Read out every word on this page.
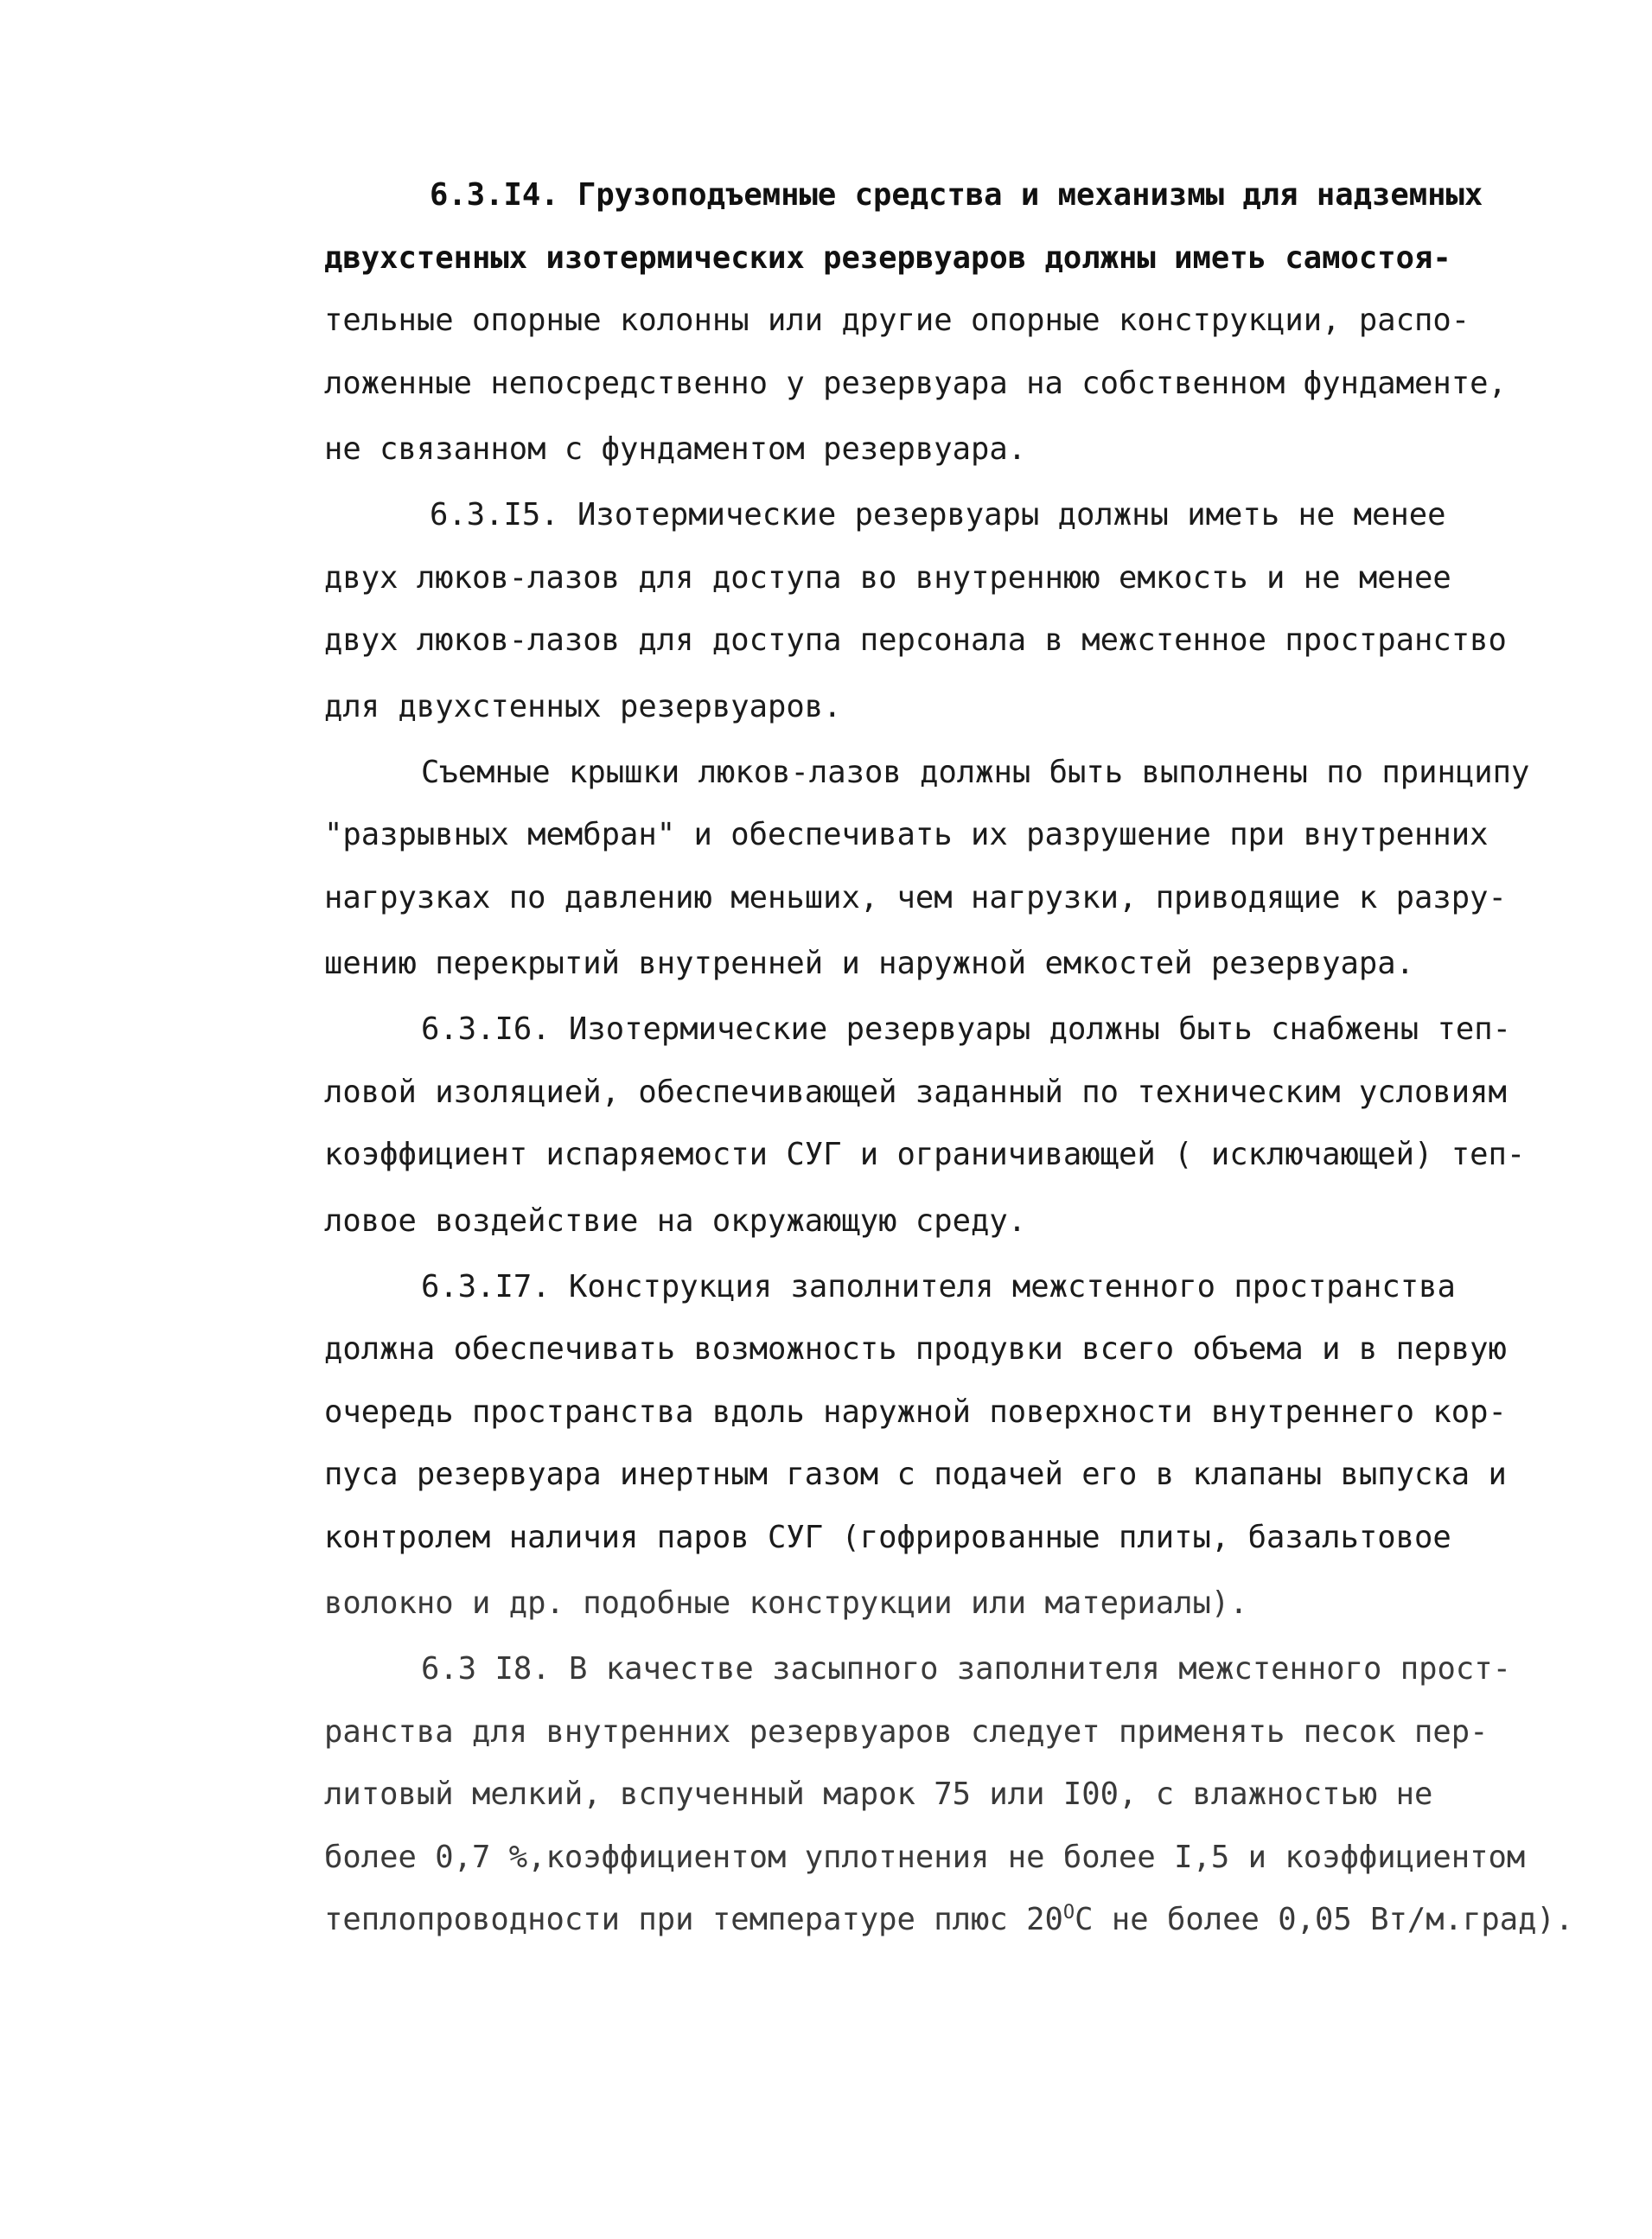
6.3.I4. Грузоподъемные средства и механизмы для надземных
двухстенных изотермических резервуаров должны иметь самостоя-
тельные опорные колонны или другие опорные конструкции, распо-
ложенные непосредственно у резервуара на собственном фундаменте,
не связанном с фундаментом резервуара.
6.3.I5. Изотермические резервуары должны иметь не менее
двух люков-лазов для доступа во внутреннюю емкость и не менее
двух люков-лазов для доступа персонала в межстенное пространство
для двухстенных резервуаров.
Съемные крышки люков-лазов должны быть выполнены по принципу
"разрывных мембран" и обеспечивать их разрушение при внутренних
нагрузках по давлению меньших, чем нагрузки, приводящие к разру-
шению перекрытий внутренней и наружной емкостей резервуара.
6.3.I6. Изотермические резервуары должны быть снабжены теп-
ловой изоляцией, обеспечивающей заданный по техническим условиям
коэффициент испаряемости СУГ и ограничивающей ( исключающей) теп-
ловое воздействие на окружающую среду.
6.3.I7. Конструкция заполнителя межстенного пространства
должна обеспечивать возможность продувки всего объема и в первую
очередь пространства вдоль наружной поверхности внутреннего кор-
пуса резервуара инертным газом с подачей его в клапаны выпуска и
контролем наличия паров СУГ (гофрированные плиты, базальтовое
волокно и др. подобные конструкции или материалы).
6.3 I8. В качестве засыпного заполнителя межстенного прост-
ранства для внутренних резервуаров следует применять песок пер-
литовый мелкий, вспученный марок 75 или I00, с влажностью не
более 0,7 %,коэффициентом уплотнения не более I,5 и коэффициентом
теплопроводности при температуре плюс $20^OC$ не более 0,05 Вт/м.град).
